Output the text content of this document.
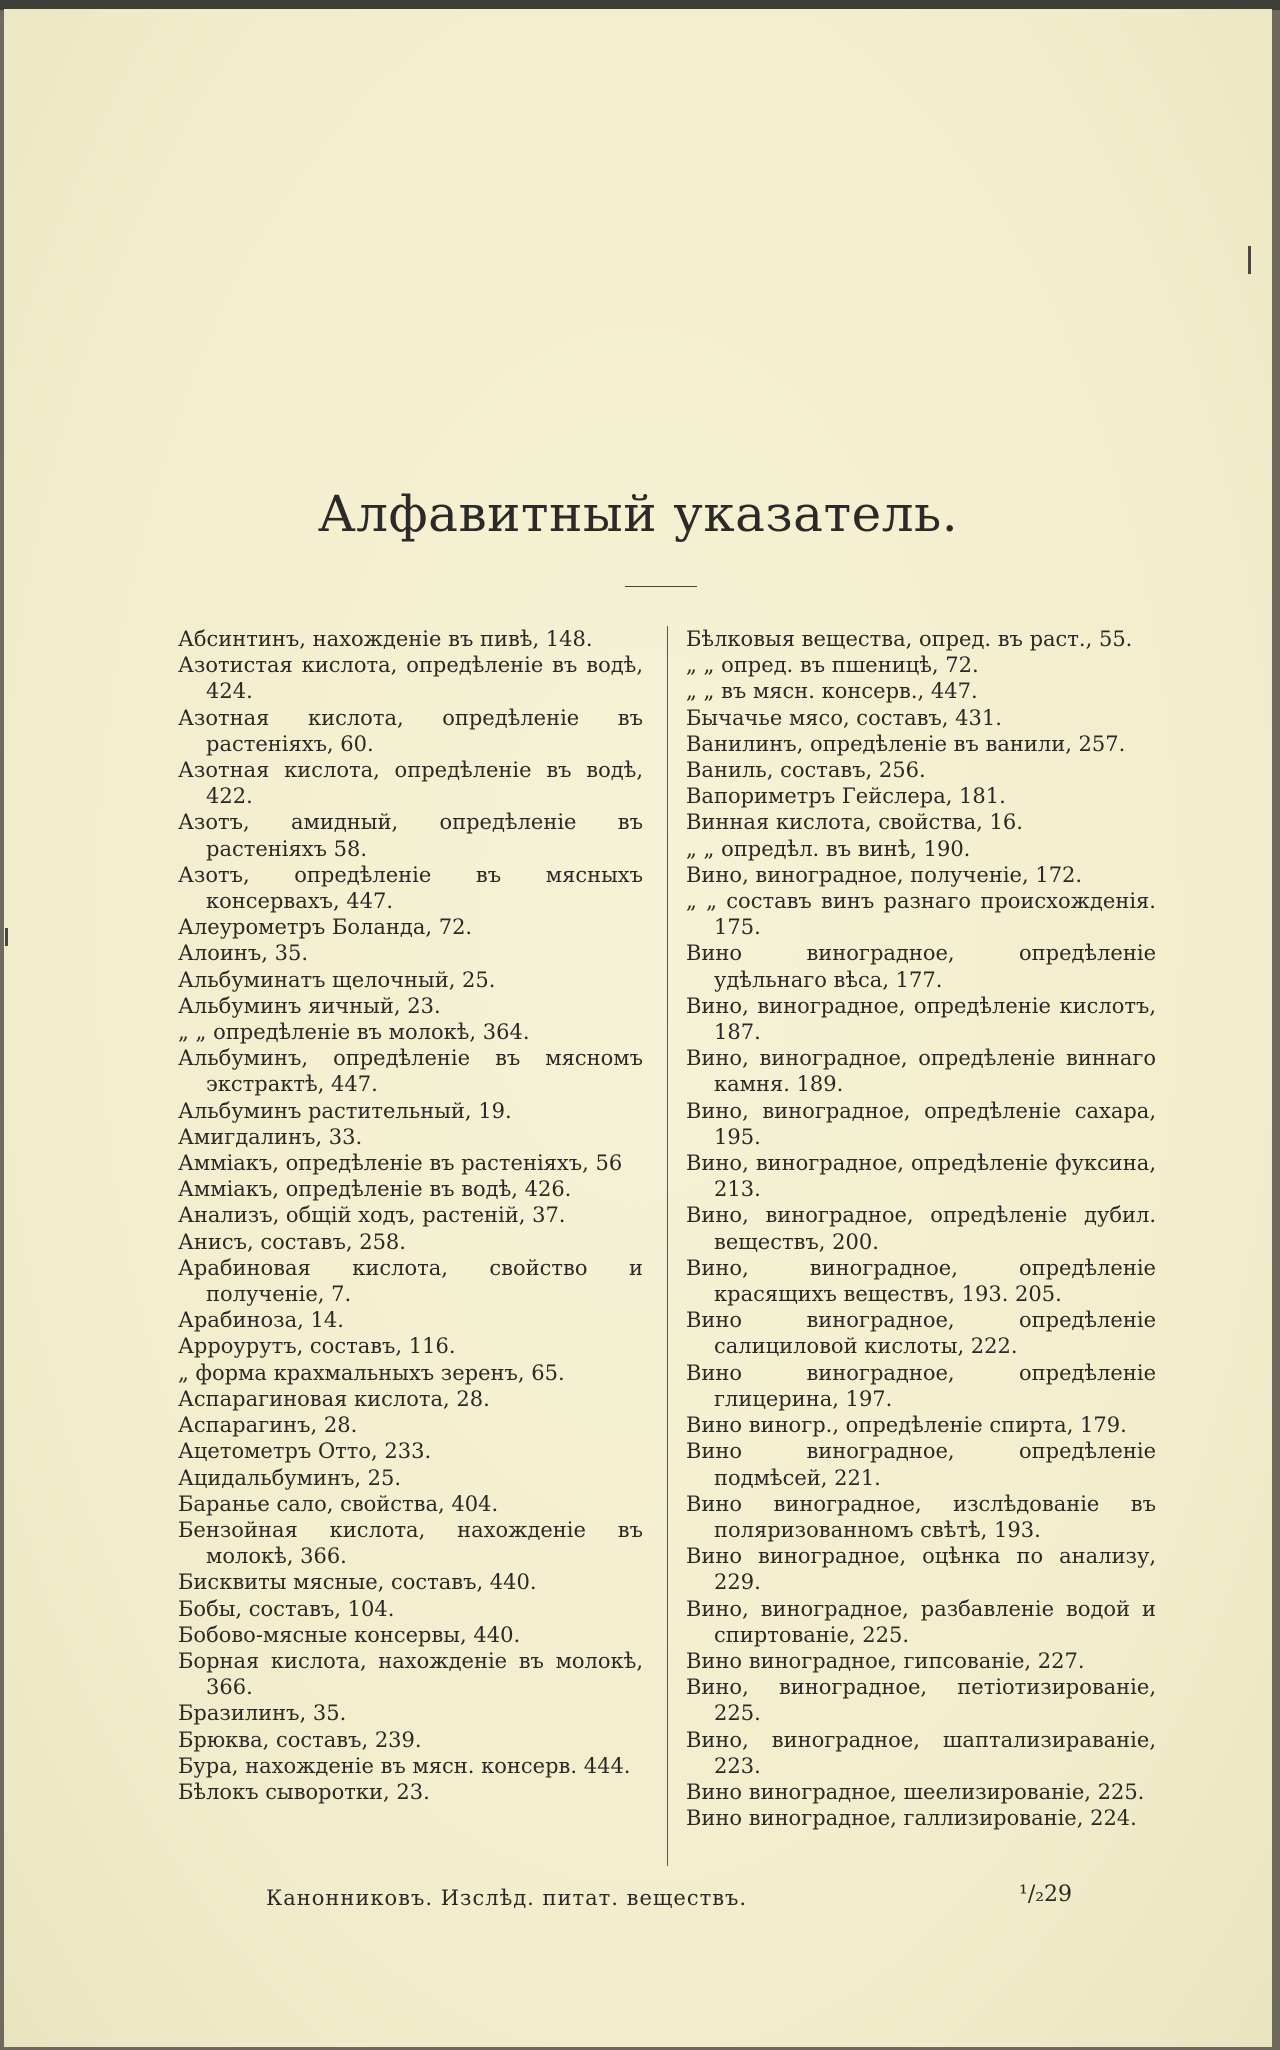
Алфавитный указатель.

Абсинтинъ, нахожденіе въ пивѣ, 148.

Азотистая кислота, опредѣленіе въ водѣ, 424.

Азотная кислота, опредѣленіе въ растеніяхъ, 60.

Азотная кислота, опредѣленіе въ водѣ, 422.

Азотъ, амидный, опредѣленіе въ растеніяхъ 58.

Азотъ, опредѣленіе въ мясныхъ консервахъ, 447.

Алеурометръ Боланда, 72.

Алоинъ, 35.

Альбуминатъ щелочный, 25.

Альбуминъ яичный, 23.

„ „ опредѣленіе въ молокѣ, 364.

Альбуминъ, опредѣленіе въ мясномъ экстрактѣ, 447.

Альбуминъ растительный, 19.

Амигдалинъ, 33.

Аммiакъ, опредѣленіе въ растеніяхъ, 56

Аммiакъ, опредѣленіе въ водѣ, 426.

Анализъ, общій ходъ, растеній, 37.

Анисъ, составъ, 258.

Арабиновая кислота, свойство и полученіе, 7.

Арабиноза, 14.

Арроурутъ, составъ, 116.

„ форма крахмальныхъ зеренъ, 65.

Аспарагиновая кислота, 28.

Аспарагинъ, 28.

Ацетометръ Отто, 233.

Ацидальбуминъ, 25.

Баранье сало, свойства, 404.

Бензойная кислота, нахожденіе въ молокѣ, 366.

Бисквиты мясные, составъ, 440.

Бобы, составъ, 104.

Бобово-мясные консервы, 440.

Борная кислота, нахожденіе въ молокѣ, 366.

Бразилинъ, 35.

Брюква, составъ, 239.

Бура, нахожденіе въ мясн. консерв. 444.

Бѣлокъ сыворотки, 23.

Бѣлковыя вещества, опред. въ раст., 55.

„ „ опред. въ пшеницѣ, 72.

„ „ въ мясн. консерв., 447.

Бычачье мясо, составъ, 431.

Ванилинъ, опредѣленіе въ ванили, 257.

Ваниль, составъ, 256.

Вапориметръ Гейслера, 181.

Винная кислота, свойства, 16.

„ „ опредѣл. въ винѣ, 190.

Вино, виноградное, полученіе, 172.

„ „ составъ винъ разнаго происхожденія. 175.

Вино виноградное, опредѣленіе удѣльнаго вѣса, 177.

Вино, виноградное, опредѣленіе кислотъ, 187.

Вино, виноградное, опредѣленіе виннаго камня. 189.

Вино, виноградное, опредѣленіе сахара, 195.

Вино, виноградное, опредѣленіе фуксина, 213.

Вино, виноградное, опредѣленіе дубил. веществъ, 200.

Вино, виноградное, опредѣленіе красящихъ веществъ, 193. 205.

Вино виноградное, опредѣленіе салициловой кислоты, 222.

Вино виноградное, опредѣленіе глицерина, 197.

Вино виногр., опредѣленіе спирта, 179.

Вино виноградное, опредѣленіе подмѣсей, 221.

Вино виноградное, изслѣдованіе въ поляризованномъ свѣтѣ, 193.

Вино виноградное, оцѣнка по анализу, 229.

Вино, виноградное, разбавленіе водой и спиртованіе, 225.

Вино виноградное, гипсованіе, 227.

Вино, виноградное, петіотизированіе, 225.

Вино, виноградное, шаптализираваніе, 223.

Вино виноградное, шеелизированіе, 225.

Вино виноградное, галлизированіе, 224.

Канонниковъ. Изслѣд. питат. веществъ.	¹/₂29
